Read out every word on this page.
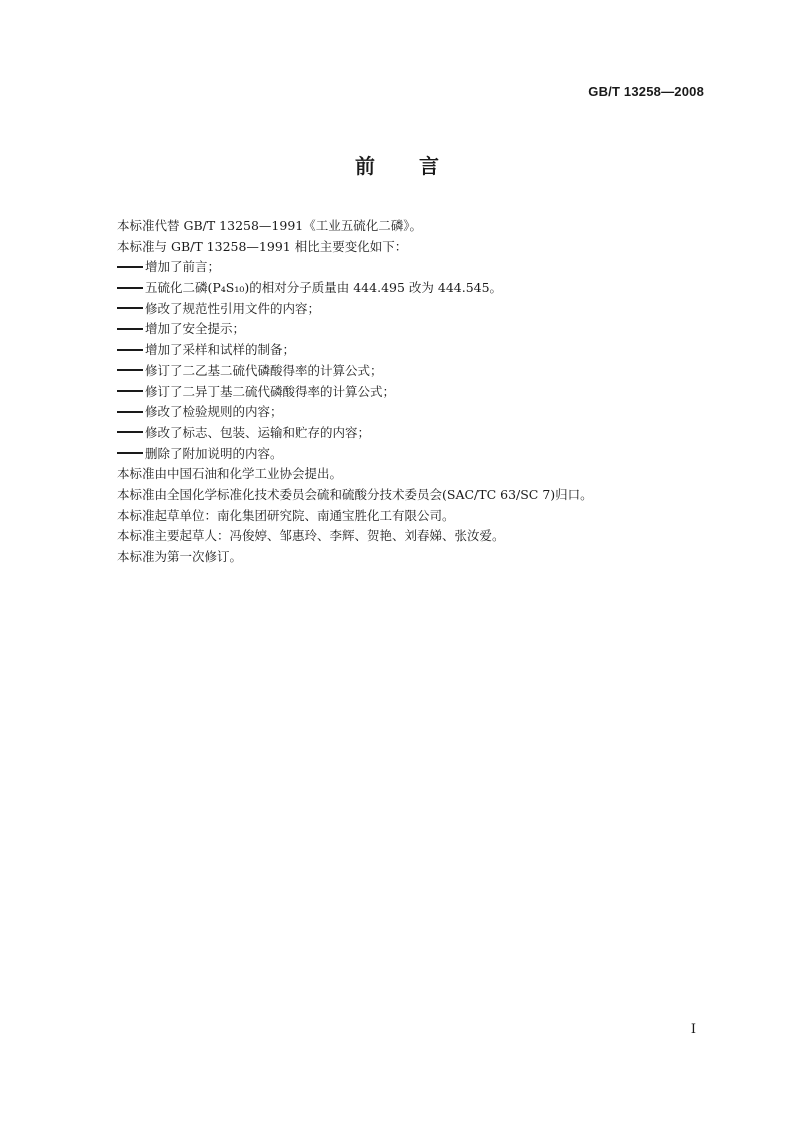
GB/T 13258—2008
前言
本标准代替 GB/T 13258—1991《工业五硫化二磷》。
本标准与 GB/T 13258—1991 相比主要变化如下：
增加了前言；
五硫化二磷(P₄S₁₀)的相对分子质量由 444.495 改为 444.545。
修改了规范性引用文件的内容；
增加了安全提示；
增加了采样和试样的制备；
修订了二乙基二硫代磷酸得率的计算公式；
修订了二异丁基二硫代磷酸得率的计算公式；
修改了检验规则的内容；
修改了标志、包装、运输和贮存的内容；
删除了附加说明的内容。
本标准由中国石油和化学工业协会提出。
本标准由全国化学标准化技术委员会硫和硫酸分技术委员会(SAC/TC 63/SC 7)归口。
本标准起草单位：南化集团研究院、南通宝胜化工有限公司。
本标准主要起草人：冯俊婷、邹惠玲、李辉、贺艳、刘春娣、张汝爱。
本标准为第一次修订。
I
